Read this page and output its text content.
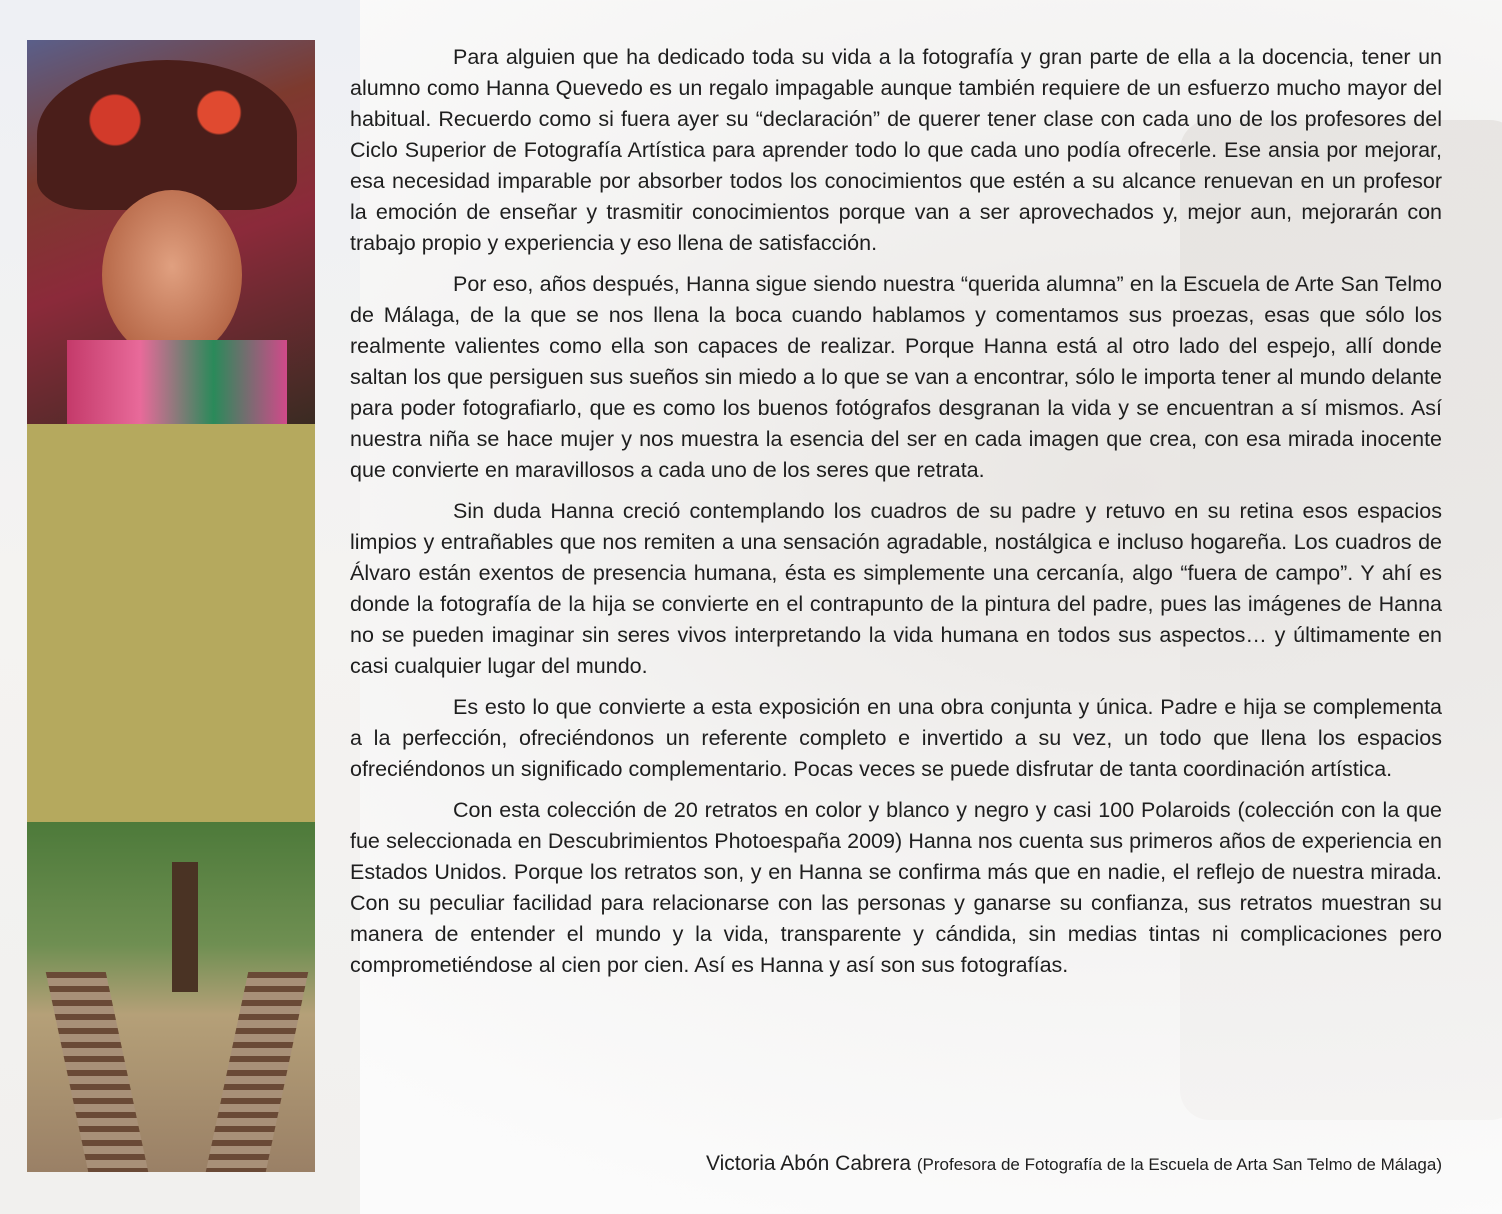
Para alguien que ha dedicado toda su vida a la fotografía y gran parte de ella a la docencia, tener un alumno como Hanna Quevedo es un regalo impagable aunque también requiere de un esfuerzo mucho mayor del habitual. Recuerdo como si fuera ayer su “declaración” de querer tener clase con cada uno de los profesores del Ciclo Superior de Fotografía Artística para aprender todo lo que cada uno podía ofrecerle. Ese ansia por mejorar, esa necesidad imparable por absorber todos los conocimientos que estén a su alcance renuevan en un profesor la emoción de enseñar y trasmitir conocimientos porque van a ser aprovechados y, mejor aun, mejorarán con trabajo propio y experiencia y eso llena de satisfacción.

Por eso, años después, Hanna sigue siendo nuestra “querida alumna” en la Escuela de Arte San Telmo de Málaga, de la que se nos llena la boca cuando hablamos y comentamos sus proezas, esas que sólo los realmente valientes como ella son capaces de realizar. Porque Hanna está al otro lado del espejo, allí donde saltan los que persiguen sus sueños sin miedo a lo que se van a encontrar, sólo le importa tener al mundo delante para poder fotografiarlo, que es como los buenos fotógrafos desgranan la vida y se encuentran a sí mismos. Así nuestra niña se hace mujer y nos muestra la esencia del ser en cada imagen que crea, con esa mirada inocente que convierte en maravillosos a cada uno de los seres que retrata.

Sin duda Hanna creció contemplando los cuadros de su padre y retuvo en su retina esos espacios limpios y entrañables que nos remiten a una sensación agradable, nostálgica e incluso hogareña. Los cuadros de Álvaro están exentos de presencia humana, ésta es simplemente una cercanía, algo “fuera de campo”. Y ahí es donde la fotografía de la hija se convierte en el contrapunto de la pintura del padre, pues las imágenes de Hanna no se pueden imaginar sin seres vivos interpretando la vida humana en todos sus aspectos… y últimamente en casi cualquier lugar del mundo.

Es esto lo que convierte a esta exposición en una obra conjunta y única. Padre e hija se complementa a la perfección, ofreciéndonos un referente completo e invertido a su vez, un todo que llena los espacios ofreciéndonos un significado complementario. Pocas veces se puede disfrutar de tanta coordinación artística.

Con esta colección de 20 retratos en color y blanco y negro y casi 100 Polaroids (colección con la que fue seleccionada en Descubrimientos Photoespaña 2009) Hanna nos cuenta sus primeros años de experiencia en Estados Unidos. Porque los retratos son, y en Hanna se confirma más que en nadie, el reflejo de nuestra mirada. Con su peculiar facilidad para relacionarse con las personas y ganarse su confianza, sus retratos muestran su manera de entender el mundo y la vida, transparente y cándida, sin medias tintas ni complicaciones pero comprometiéndose al cien por cien. Así es Hanna y así son sus fotografías.

Victoria Abón Cabrera (Profesora de Fotografía de la Escuela de Arta San Telmo de Málaga)
